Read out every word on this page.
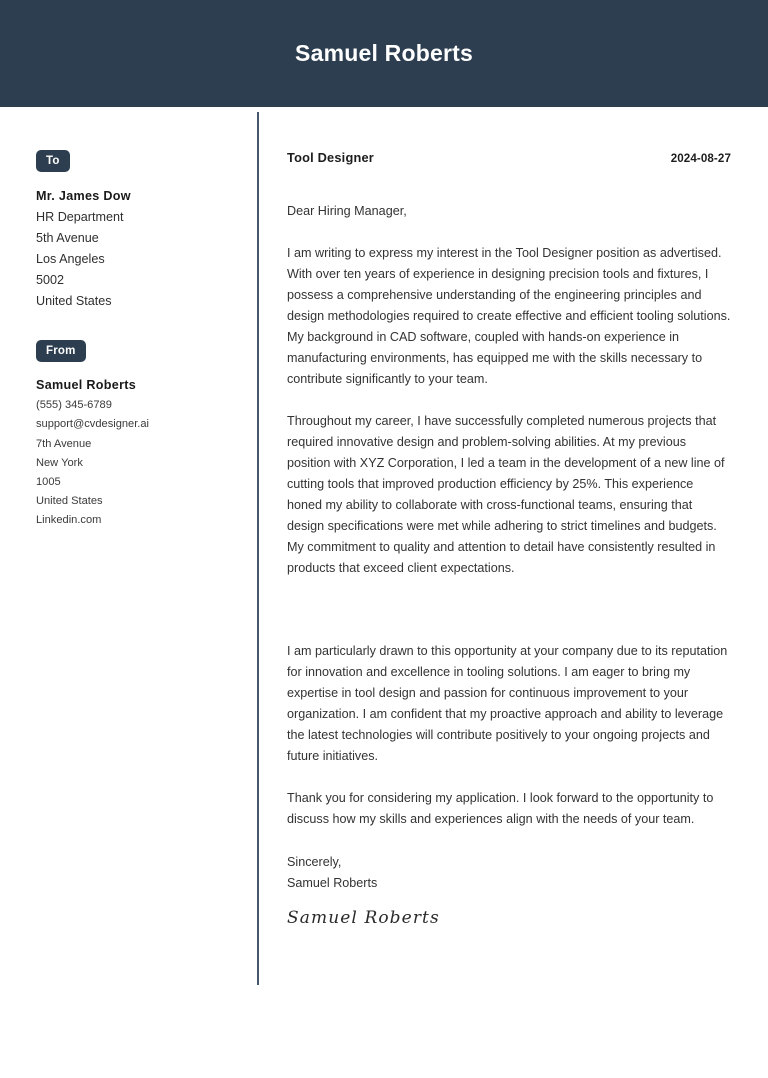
Samuel Roberts
To
Mr. James Dow
HR Department
5th Avenue
Los Angeles
5002
United States
From
Samuel Roberts
(555) 345-6789
support@cvdesigner.ai
7th Avenue
New York
1005
United States
Linkedin.com
Tool Designer	2024-08-27
Dear Hiring Manager,

I am writing to express my interest in the Tool Designer position as advertised. With over ten years of experience in designing precision tools and fixtures, I possess a comprehensive understanding of the engineering principles and design methodologies required to create effective and efficient tooling solutions. My background in CAD software, coupled with hands-on experience in manufacturing environments, has equipped me with the skills necessary to contribute significantly to your team.

Throughout my career, I have successfully completed numerous projects that required innovative design and problem-solving abilities. At my previous position with XYZ Corporation, I led a team in the development of a new line of cutting tools that improved production efficiency by 25%. This experience honed my ability to collaborate with cross-functional teams, ensuring that design specifications were met while adhering to strict timelines and budgets. My commitment to quality and attention to detail have consistently resulted in products that exceed client expectations.

I am particularly drawn to this opportunity at your company due to its reputation for innovation and excellence in tooling solutions. I am eager to bring my expertise in tool design and passion for continuous improvement to your organization. I am confident that my proactive approach and ability to leverage the latest technologies will contribute positively to your ongoing projects and future initiatives.

Thank you for considering my application. I look forward to the opportunity to discuss how my skills and experiences align with the needs of your team.

Sincerely,
Samuel Roberts
Samuel Roberts
